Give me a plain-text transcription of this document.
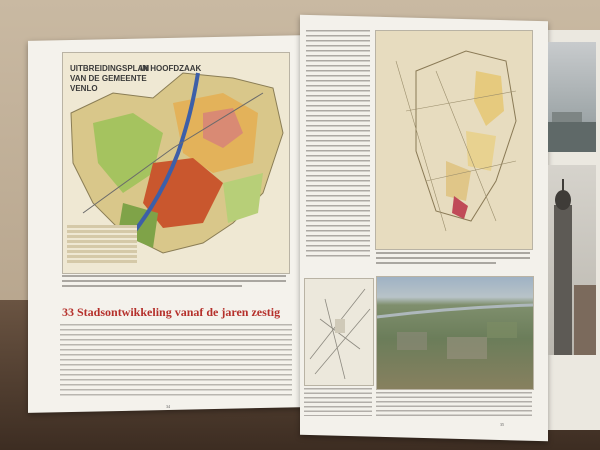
UITBREIDINGSPLAN
VAN DE GEMEENTE
VENLO
IN HOOFDZAAK
33 Stadsontwikkeling vanaf de jaren zestig
34
35
